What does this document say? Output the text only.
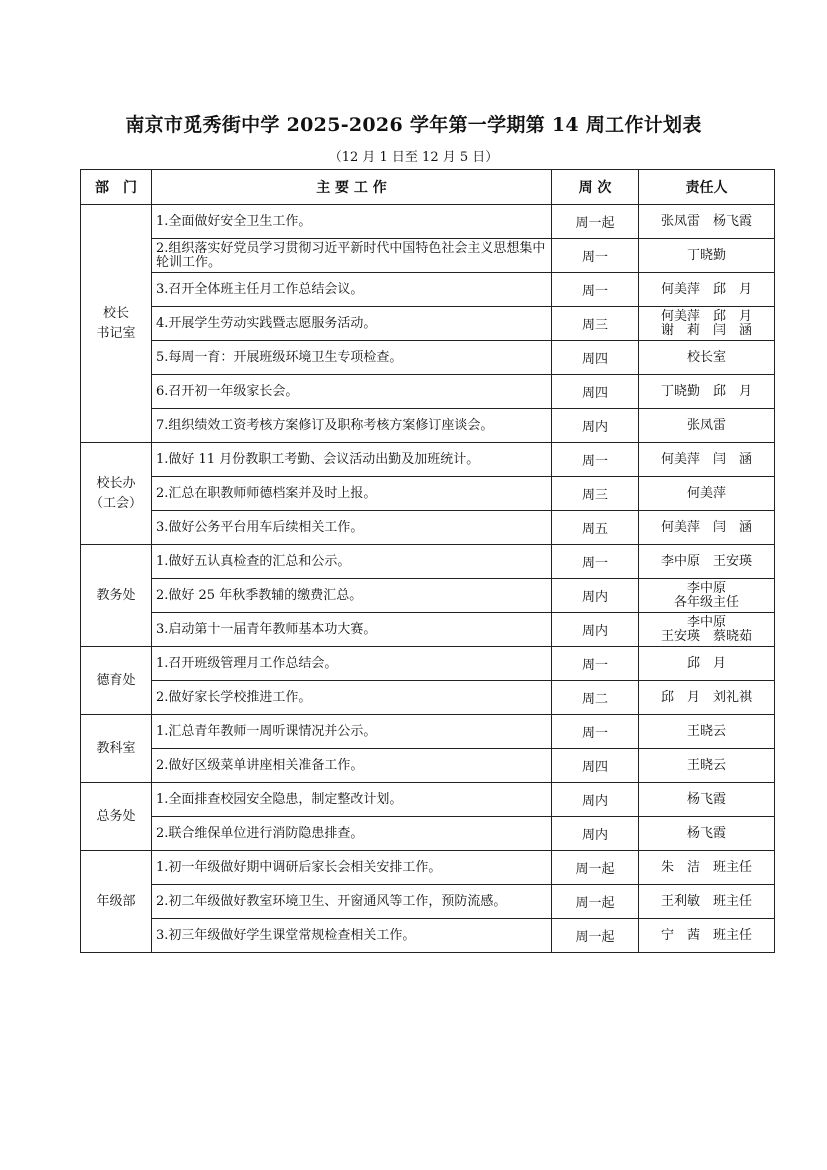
南京市觅秀街中学 2025-2026 学年第一学期第 14 周工作计划表
（12 月 1 日至 12 月 5 日）
部　门	主 要 工 作	周 次	责任人

校长
书记室	1.全面做好安全卫生工作。	周一起	张凤雷　杨飞霞

	2.组织落实好党员学习贯彻习近平新时代中国特色社会主义思想集中轮训工作。	周一	丁晓勤

	3.召开全体班主任月工作总结会议。	周一	何美萍　邱　月

	4.开展学生劳动实践暨志愿服务活动。	周三	何美萍　邱　月
谢　莉　闫　涵

	5.每周一育：开展班级环境卫生专项检查。	周四	校长室

	6.召开初一年级家长会。	周四	丁晓勤　邱　月

	7.组织绩效工资考核方案修订及职称考核方案修订座谈会。	周内	张凤雷

校长办
（工会）	1.做好 11 月份教职工考勤、会议活动出勤及加班统计。	周一	何美萍　闫　涵

	2.汇总在职教师师德档案并及时上报。	周三	何美萍

	3.做好公务平台用车后续相关工作。	周五	何美萍　闫　涵

教务处	1.做好五认真检查的汇总和公示。	周一	李中原　王安瑛

	2.做好 25 年秋季教辅的缴费汇总。	周内	李中原
各年级主任

	3.启动第十一届青年教师基本功大赛。	周内	李中原
王安瑛　蔡晓茹

德育处	1.召开班级管理月工作总结会。	周一	邱　月

	2.做好家长学校推进工作。	周二	邱　月　刘礼祺

教科室	1.汇总青年教师一周听课情况并公示。	周一	王晓云

	2.做好区级菜单讲座相关准备工作。	周四	王晓云

总务处	1.全面排查校园安全隐患，制定整改计划。	周内	杨飞霞

	2.联合维保单位进行消防隐患排查。	周内	杨飞霞

年级部	1.初一年级做好期中调研后家长会相关安排工作。	周一起	朱　洁　班主任

	2.初二年级做好教室环境卫生、开窗通风等工作，预防流感。	周一起	王利敏　班主任

	3.初三年级做好学生课堂常规检查相关工作。	周一起	宁　茜　班主任
